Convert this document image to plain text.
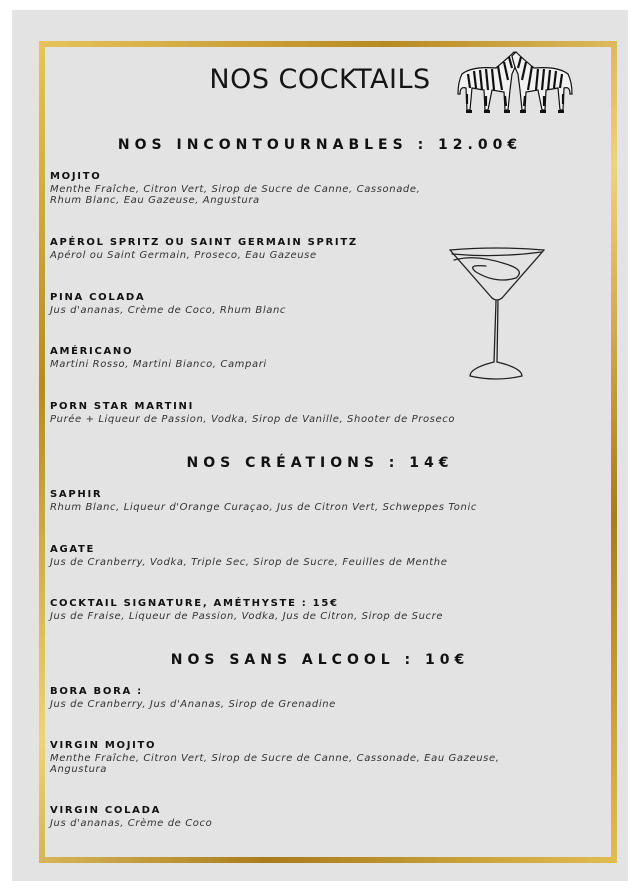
NOS COCKTAILS
NOS INCONTOURNABLES : 12.00€
MOJITO
Menthe Fraîche, Citron Vert, Sirop de Sucre de Canne, Cassonade, Rhum Blanc, Eau Gazeuse, Angustura
APÉROL SPRITZ OU SAINT GERMAIN SPRITZ
Apérol ou Saint Germain, Proseco, Eau Gazeuse
PINA COLADA
Jus d'ananas, Crème de Coco, Rhum Blanc
AMÉRICANO
Martini Rosso, Martini Bianco, Campari
PORN STAR MARTINI
Purée + Liqueur de Passion, Vodka, Sirop de Vanille, Shooter de Proseco
NOS CRÉATIONS : 14€
SAPHIR
Rhum Blanc, Liqueur d'Orange Curaçao, Jus de Citron Vert, Schweppes Tonic
AGATE
Jus de Cranberry, Vodka, Triple Sec, Sirop de Sucre, Feuilles de Menthe
COCKTAIL SIGNATURE, AMÉTHYSTE : 15€
Jus de Fraise, Liqueur de Passion, Vodka, Jus de Citron, Sirop de Sucre
NOS SANS ALCOOL : 10€
BORA BORA :
Jus de Cranberry, Jus d'Ananas, Sirop de Grenadine
VIRGIN MOJITO
Menthe Fraîche, Citron Vert, Sirop de Sucre de Canne, Cassonade, Eau Gazeuse, Angustura
VIRGIN COLADA
Jus d'ananas, Crème de Coco
